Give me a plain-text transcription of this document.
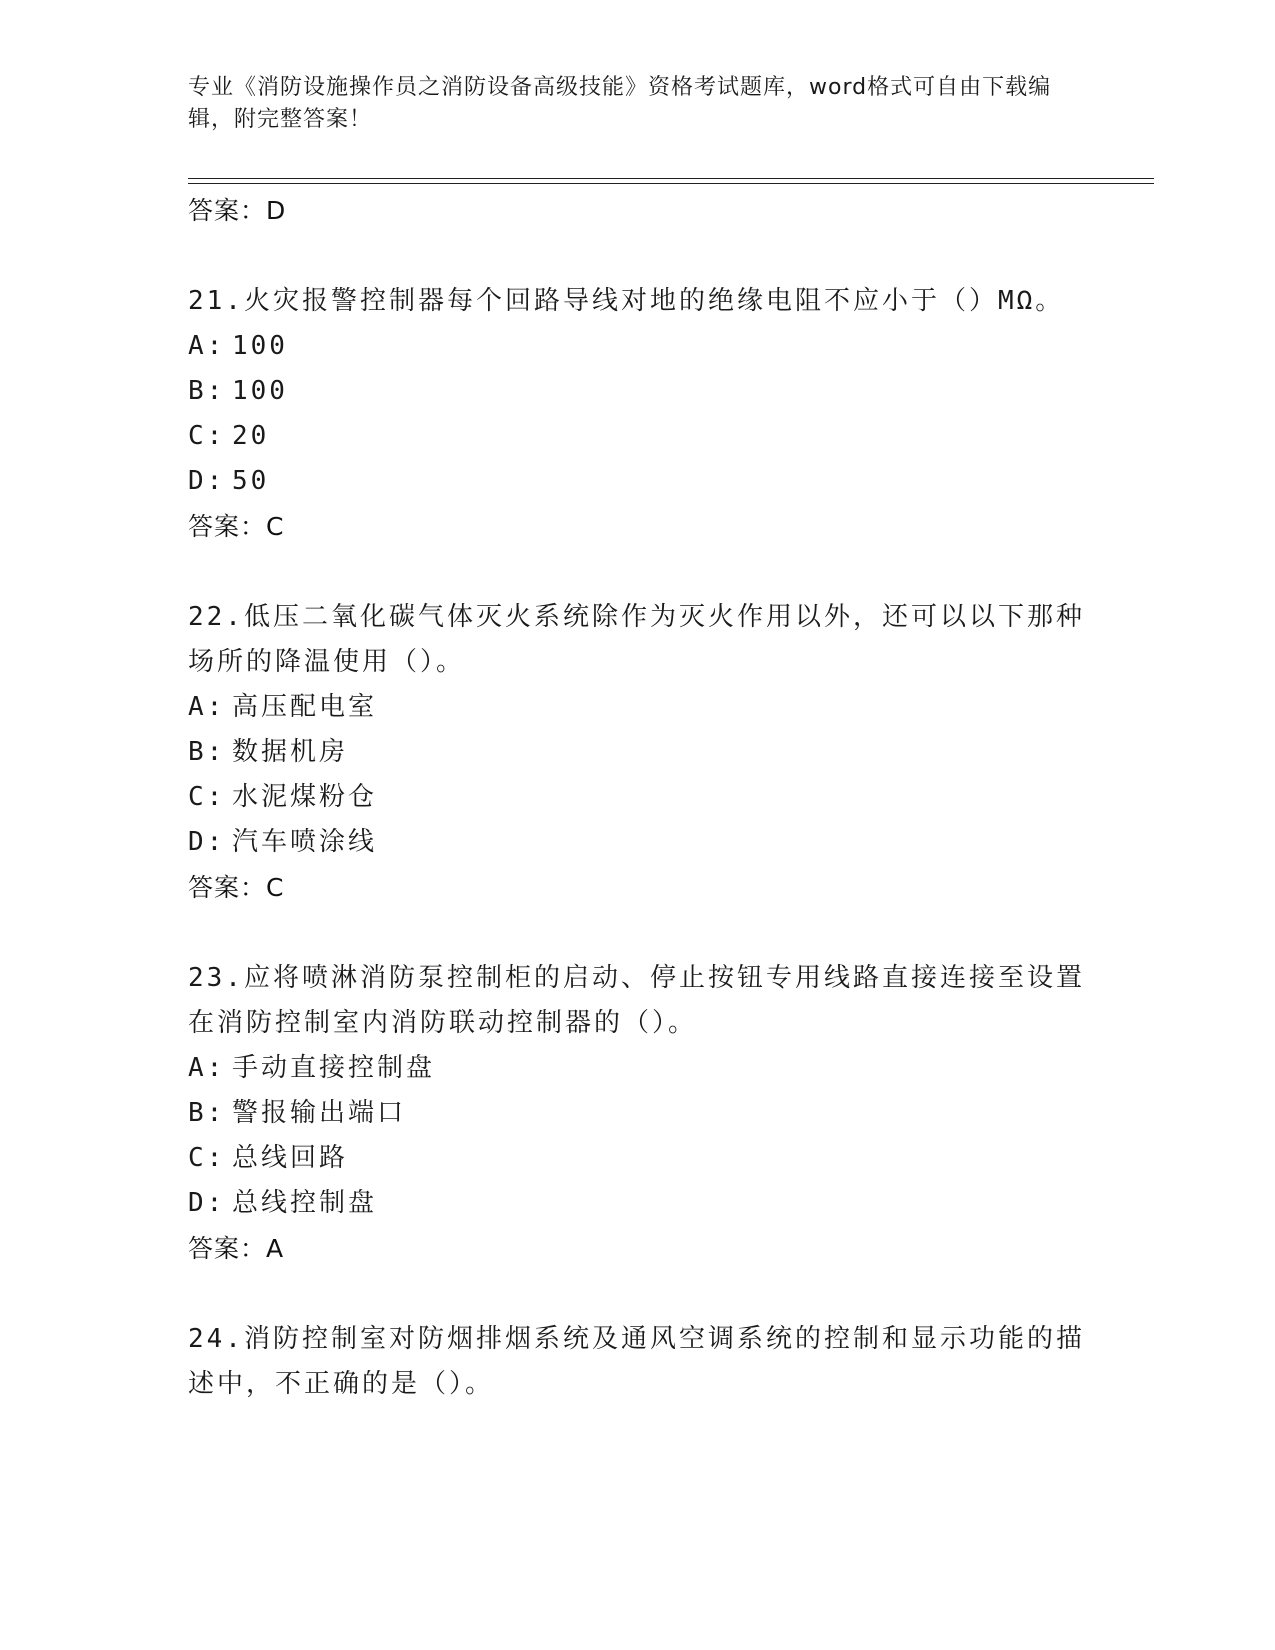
专业《消防设施操作员之消防设备高级技能》资格考试题库，word格式可自由下载编辑，附完整答案！
答案：D
21.火灾报警控制器每个回路导线对地的绝缘电阻不应小于（）MΩ。
A: 100
B: 100
C: 20
D: 50
答案：C
22.低压二氧化碳气体灭火系统除作为灭火作用以外，还可以以下那种场所的降温使用（）。
A: 高压配电室
B: 数据机房
C: 水泥煤粉仓
D: 汽车喷涂线
答案：C
23.应将喷淋消防泵控制柜的启动、停止按钮专用线路直接连接至设置在消防控制室内消防联动控制器的（）。
A: 手动直接控制盘
B: 警报输出端口
C: 总线回路
D: 总线控制盘
答案：A
24.消防控制室对防烟排烟系统及通风空调系统的控制和显示功能的描述中，不正确的是（）。
